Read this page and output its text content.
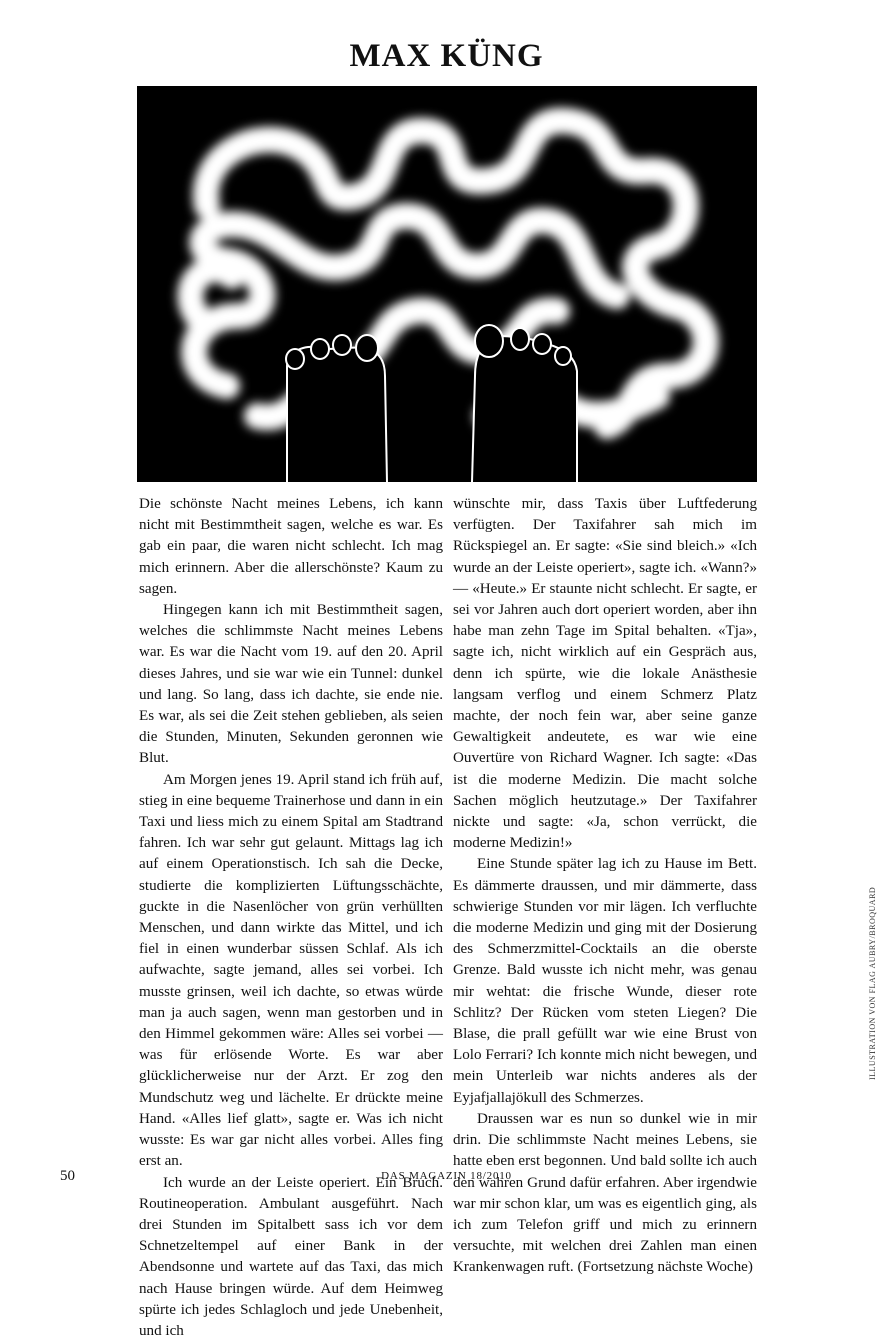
MAX KÜNG

Die schönste Nacht meines Lebens, ich kann nicht mit Bestimmtheit sagen, welche es war. Es gab ein paar, die waren nicht schlecht. Ich mag mich erinnern. Aber die allerschönste? Kaum zu sagen.

Hingegen kann ich mit Bestimmtheit sagen, welches die schlimmste Nacht meines Lebens war. Es war die Nacht vom 19. auf den 20. April dieses Jahres, und sie war wie ein Tunnel: dunkel und lang. So lang, dass ich dachte, sie ende nie. Es war, als sei die Zeit stehen geblieben, als seien die Stunden, Minuten, Sekunden geronnen wie Blut.

Am Morgen jenes 19. April stand ich früh auf, stieg in eine bequeme Trainerhose und dann in ein Taxi und liess mich zu einem Spital am Stadtrand fahren. Ich war sehr gut gelaunt. Mittags lag ich auf einem Operationstisch. Ich sah die Decke, studierte die komplizierten Lüftungsschächte, guckte in die Nasenlöcher von grün verhüllten Menschen, und dann wirkte das Mittel, und ich fiel in einen wunderbar süssen Schlaf. Als ich aufwachte, sagte jemand, alles sei vorbei. Ich musste grinsen, weil ich dachte, so etwas würde man ja auch sagen, wenn man gestorben und in den Himmel gekommen wäre: Alles sei vorbei — was für erlösende Worte. Es war aber glücklicherweise nur der Arzt. Er zog den Mundschutz weg und lächelte. Er drückte meine Hand. «Alles lief glatt», sagte er. Was ich nicht wusste: Es war gar nicht alles vorbei. Alles fing erst an.

Ich wurde an der Leiste operiert. Ein Bruch. Routineoperation. Ambulant ausgeführt. Nach drei Stunden im Spitalbett sass ich vor dem Schnetzeltempel auf einer Bank in der Abendsonne und wartete auf das Taxi, das mich nach Hause bringen würde. Auf dem Heimweg spürte ich jedes Schlagloch und jede Unebenheit, und ich

wünschte mir, dass Taxis über Luftfederung verfügten. Der Taxifahrer sah mich im Rückspiegel an. Er sagte: «Sie sind bleich.» «Ich wurde an der Leiste operiert», sagte ich. «Wann?» — «Heute.» Er staunte nicht schlecht. Er sagte, er sei vor Jahren auch dort operiert worden, aber ihn habe man zehn Tage im Spital behalten. «Tja», sagte ich, nicht wirklich auf ein Gespräch aus, denn ich spürte, wie die lokale Anästhesie langsam verflog und einem Schmerz Platz machte, der noch fein war, aber seine ganze Gewaltigkeit andeutete, es war wie eine Ouvertüre von Richard Wagner. Ich sagte: «Das ist die moderne Medizin. Die macht solche Sachen möglich heutzutage.» Der Taxifahrer nickte und sagte: «Ja, schon verrückt, die moderne Medizin!»

Eine Stunde später lag ich zu Hause im Bett. Es dämmerte draussen, und mir dämmerte, dass schwierige Stunden vor mir lägen. Ich verfluchte die moderne Medizin und ging mit der Dosierung des Schmerzmittel-Cocktails an die oberste Grenze. Bald wusste ich nicht mehr, was genau mir wehtat: die frische Wunde, dieser rote Schlitz? Der Rücken vom steten Liegen? Die Blase, die prall gefüllt war wie eine Brust von Lolo Ferrari? Ich konnte mich nicht bewegen, und mein Unterleib war nichts anderes als der Eyjafjallajökull des Schmerzes.

Draussen war es nun so dunkel wie in mir drin. Die schlimmste Nacht meines Lebens, sie hatte eben erst begonnen. Und bald sollte ich auch den wahren Grund dafür erfahren. Aber irgendwie war mir schon klar, um was es eigentlich ging, als ich zum Telefon griff und mich zu erinnern versuchte, mit welchen drei Zahlen man einen Krankenwagen ruft. (Fortsetzung nächste Woche)

ILLUSTRATION VON FLAG AUBRY/BROQUARD
50	DAS MAGAZIN 18/2010
